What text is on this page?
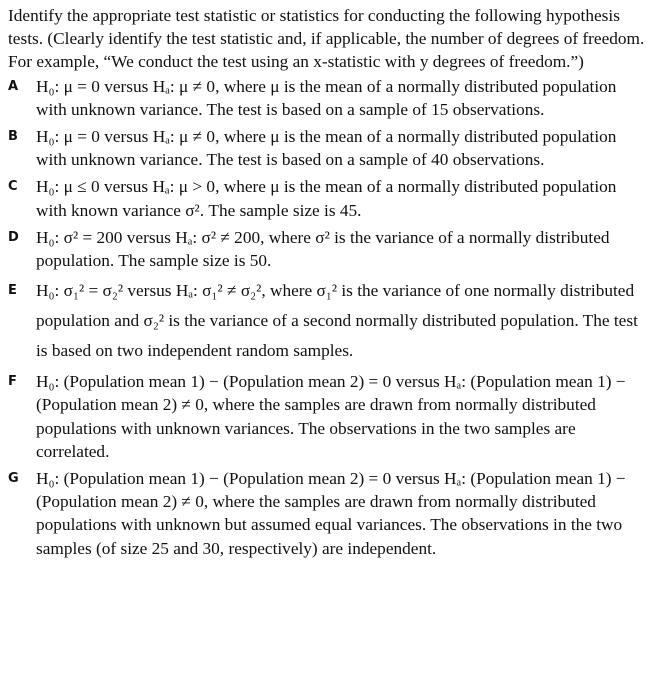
Identify the appropriate test statistic or statistics for conducting the following hypothesis tests. (Clearly identify the test statistic and, if applicable, the number of degrees of freedom. For example, “We conduct the test using an x-statistic with y degrees of freedom.”)

A	H₀: μ = 0 versus Hₐ: μ ≠ 0, where μ is the mean of a normally distributed population with unknown variance. The test is based on a sample of 15 observations.
B	H₀: μ = 0 versus Hₐ: μ ≠ 0, where μ is the mean of a normally distributed population with unknown variance. The test is based on a sample of 40 observations.
C	H₀: μ ≤ 0 versus Hₐ: μ > 0, where μ is the mean of a normally distributed population with known variance σ². The sample size is 45.
D H₀: σ² = 200 versus Hₐ: σ² ≠ 200, where σ² is the variance of a normally distributed population. The sample size is 50.
E	H₀: σ₁² = σ₂² versus Hₐ: σ₁² ≠ σ₂², where σ₁² is the variance of one normally distributed population and σ₂² is the variance of a second normally distributed population. The test is based on two independent random samples.
F	H₀: (Population mean 1) − (Population mean 2) = 0 versus Hₐ: (Population mean 1) − (Population mean 2) ≠ 0, where the samples are drawn from normally distributed populations with unknown variances. The observations in the two samples are correlated.
G	H₀: (Population mean 1) − (Population mean 2) = 0 versus Hₐ: (Population mean 1) − (Population mean 2) ≠ 0, where the samples are drawn from normally distributed populations with unknown but assumed equal variances. The observations in the two samples (of size 25 and 30, respectively) are independent.
